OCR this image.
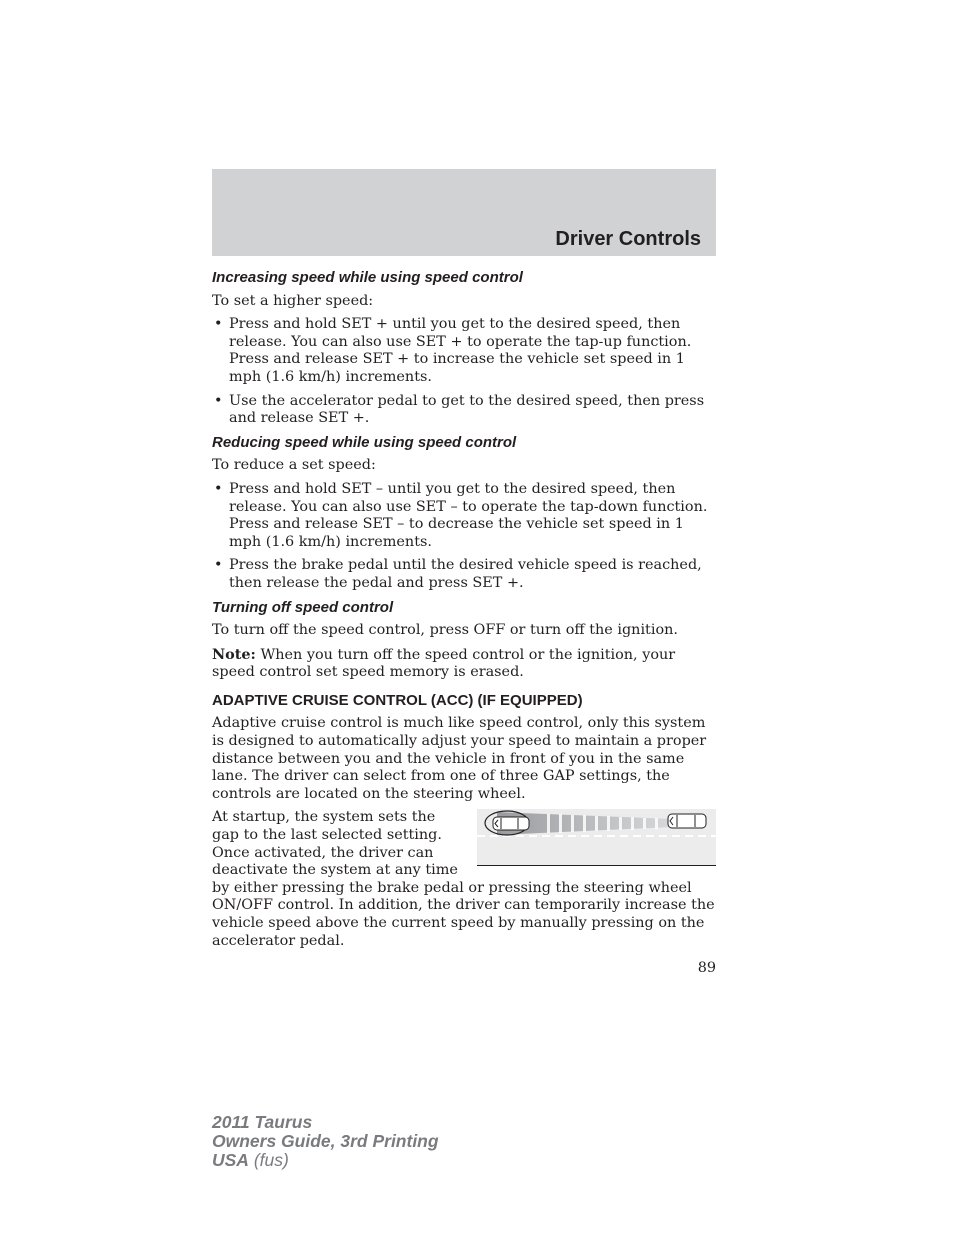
Driver Controls

Increasing speed while using speed control

To set a higher speed:

• Press and hold SET + until you get to the desired speed, then release. You can also use SET + to operate the tap-up function. Press and release SET + to increase the vehicle set speed in 1 mph (1.6 km/h) increments.
• Use the accelerator pedal to get to the desired speed, then press and release SET +.

Reducing speed while using speed control

To reduce a set speed:

• Press and hold SET – until you get to the desired speed, then release. You can also use SET – to operate the tap-down function. Press and release SET – to decrease the vehicle set speed in 1 mph (1.6 km/h) increments.
• Press the brake pedal until the desired vehicle speed is reached, then release the pedal and press SET +.

Turning off speed control

To turn off the speed control, press OFF or turn off the ignition.

Note: When you turn off the speed control or the ignition, your speed control set speed memory is erased.

ADAPTIVE CRUISE CONTROL (ACC) (IF EQUIPPED)

Adaptive cruise control is much like speed control, only this system is designed to automatically adjust your speed to maintain a proper distance between you and the vehicle in front of you in the same lane. The driver can select from one of three GAP settings, the controls are located on the steering wheel.

At startup, the system sets the gap to the last selected setting. Once activated, the driver can deactivate the system at any time by either pressing the brake pedal or pressing the steering wheel ON/OFF control. In addition, the driver can temporarily increase the vehicle speed above the current speed by manually pressing on the accelerator pedal.

89
2011 Taurus
Owners Guide, 3rd Printing
USA (fus)
